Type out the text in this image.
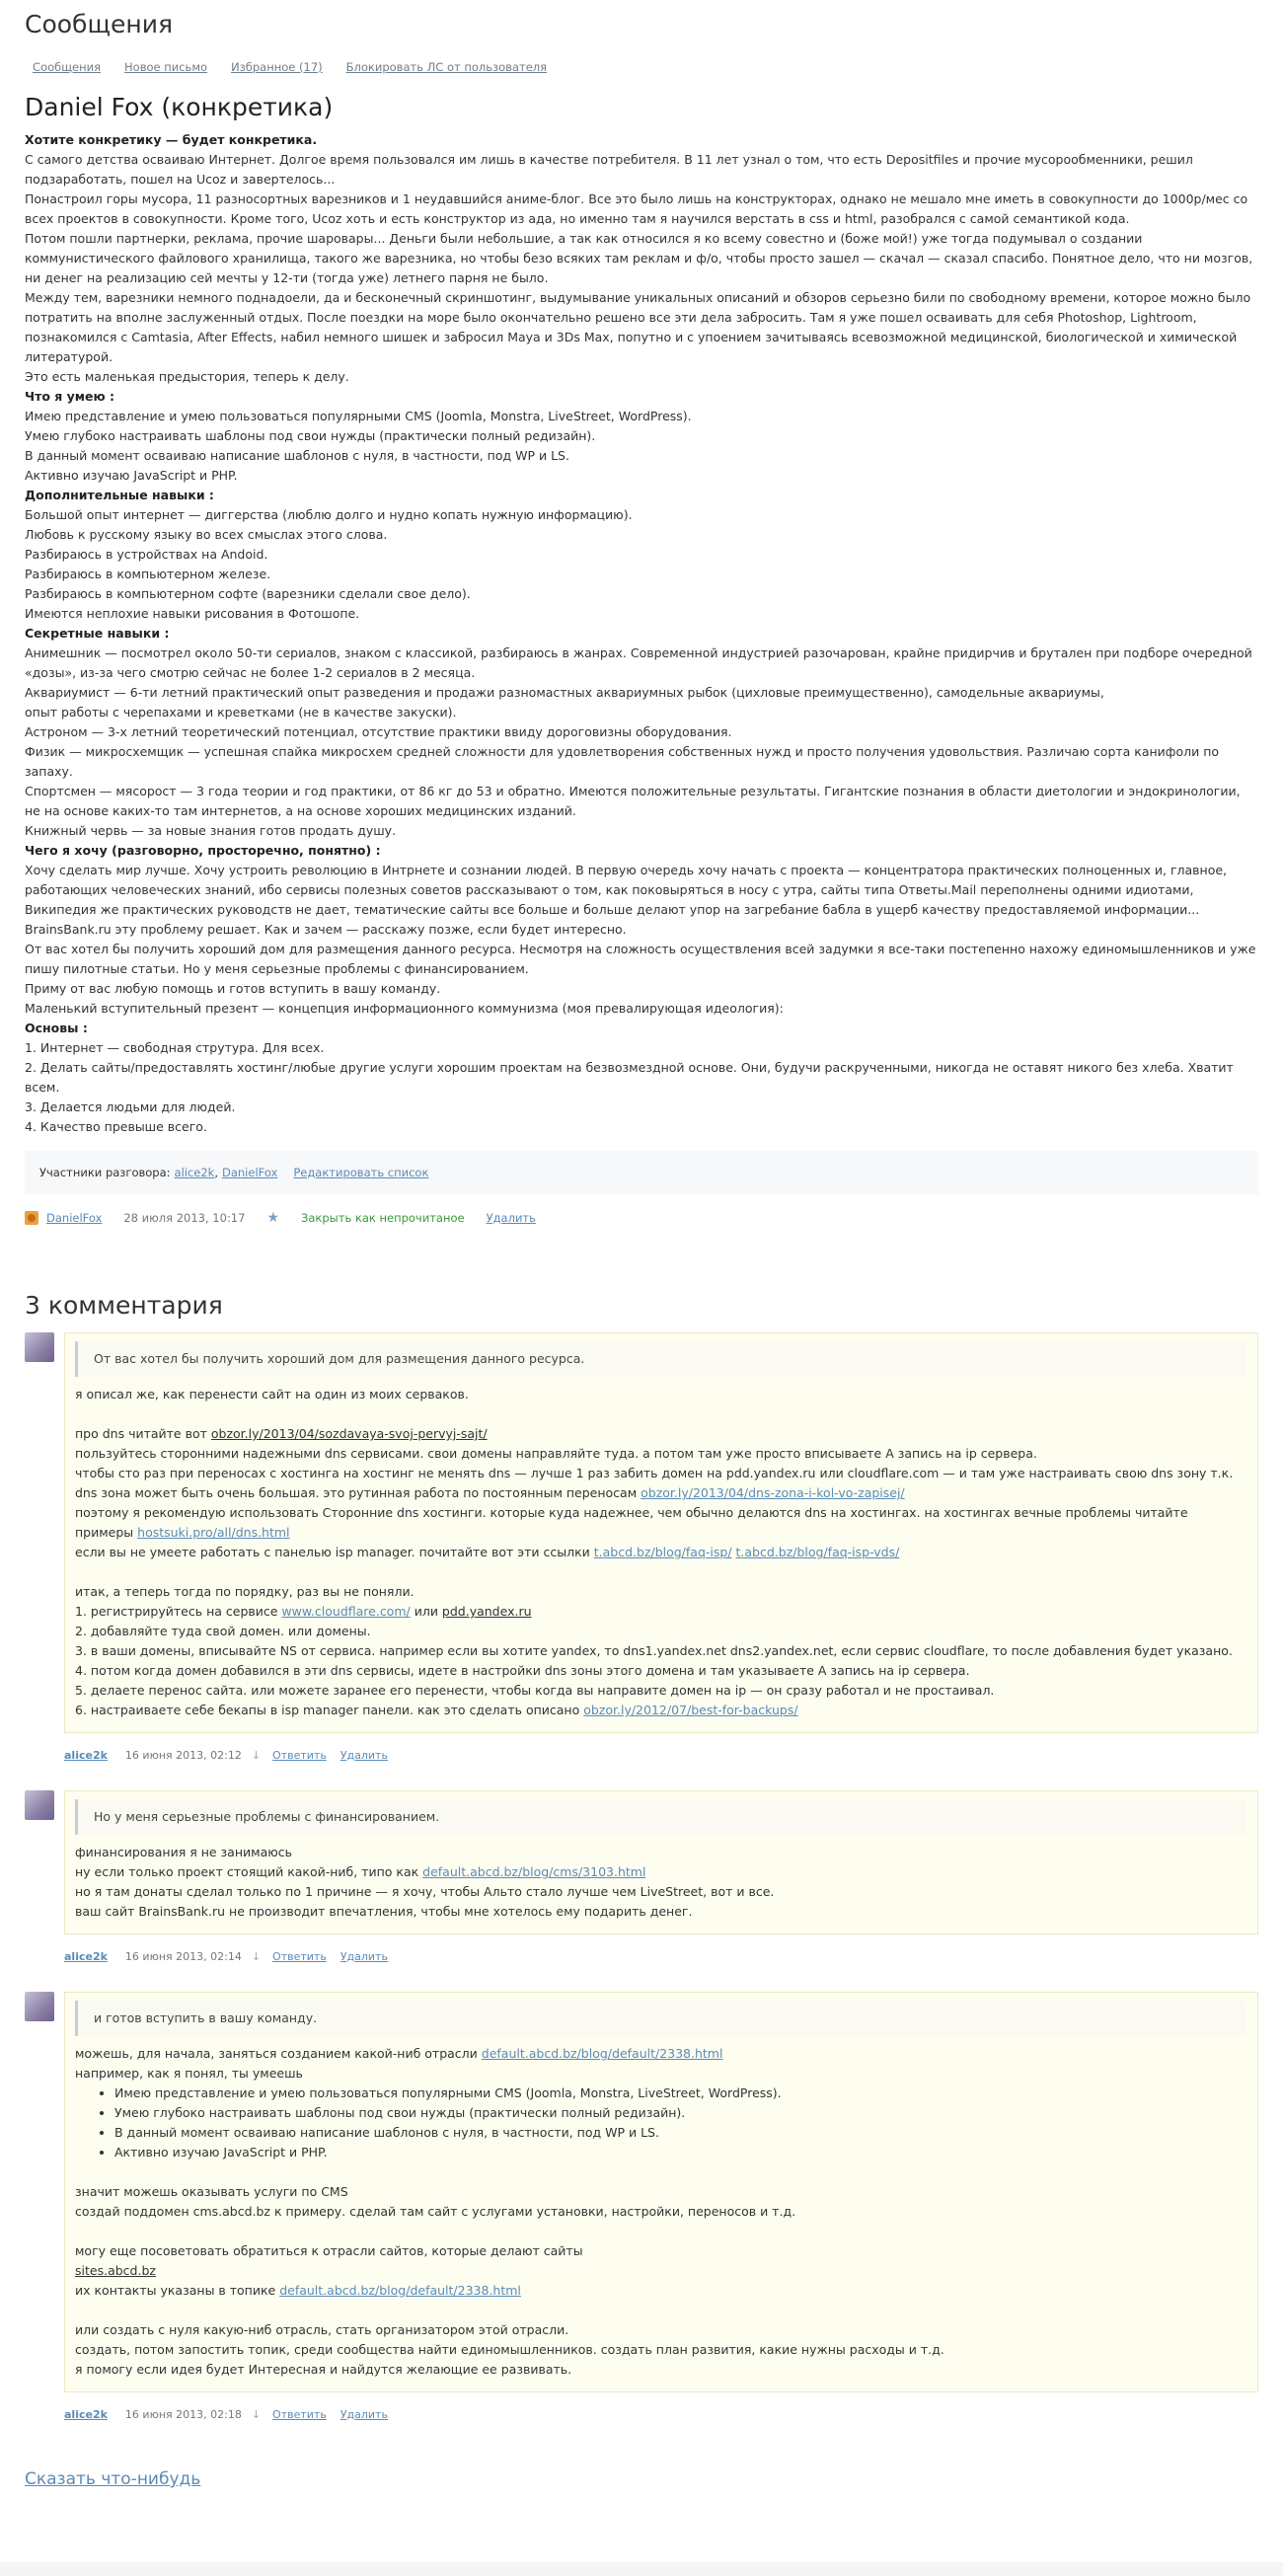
Сообщения
Сообщения Новое письмо Избранное (17) Блокировать ЛС от пользователя
Daniel Fox (конкретика)

Хотите конкретику — будет конкретика.

С самого детства осваиваю Интернет. Долгое время пользовался им лишь в качестве потребителя. В 11 лет узнал о том, что есть Depositfiles и прочие мусорообменники, решил подзаработать, пошел на Ucoz и завертелось...

Понастроил горы мусора, 11 разносортных варезников и 1 неудавшийся аниме-блог. Все это было лишь на конструкторах, однако не мешало мне иметь в совокупности до 1000р/мес со всех проектов в совокупности. Кроме того, Ucoz хоть и есть конструктор из ада, но именно там я научился верстать в css и html, разобрался с самой семантикой кода.

Потом пошли партнерки, реклама, прочие шаровары... Деньги были небольшие, а так как относился я ко всему совестно и (боже мой!) уже тогда подумывал о создании коммунистического файлового хранилища, такого же варезника, но чтобы безо всяких там реклам и ф/о, чтобы просто зашел — скачал — сказал спасибо. Понятное дело, что ни мозгов, ни денег на реализацию сей мечты у 12-ти (тогда уже) летнего парня не было.

Между тем, варезники немного поднадоели, да и бесконечный скриншотинг, выдумывание уникальных описаний и обзоров серьезно били по свободному времени, которое можно было потратить на вполне заслуженный отдых. После поездки на море было окончательно решено все эти дела забросить. Там я уже пошел осваивать для себя Photoshop, Lightroom, познакомился с Camtasia, After Effects, набил немного шишек и забросил Maya и 3Ds Max, попутно и с упоением зачитываясь всевозможной медицинской, биологической и химической литературой.

Это есть маленькая предыстория, теперь к делу.

Что я умею :

Имею представление и умею пользоваться популярными CMS (Joomla, Monstra, LiveStreet, WordPress).

Умею глубоко настраивать шаблоны под свои нужды (практически полный редизайн).

В данный момент осваиваю написание шаблонов с нуля, в частности, под WP и LS.

Активно изучаю JavaScript и PHP.

Дополнительные навыки :

Большой опыт интернет — диггерства (люблю долго и нудно копать нужную информацию).

Любовь к русскому языку во всех смыслах этого слова.

Разбираюсь в устройствах на Andoid.

Разбираюсь в компьютерном железе.

Разбираюсь в компьютерном софте (варезники сделали свое дело).

Имеются неплохие навыки рисования в Фотошопе.

Секретные навыки :

Анимешник — посмотрел около 50-ти сериалов, знаком с классикой, разбираюсь в жанрах. Современной индустрией разочарован, крайне придирчив и брутален при подборе очередной «дозы», из-за чего смотрю сейчас не более 1-2 сериалов в 2 месяца.

Аквариумист — 6-ти летний практический опыт разведения и продажи разномастных аквариумных рыбок (цихловые преимущественно), самодельные аквариумы,

опыт работы с черепахами и креветками (не в качестве закуски).

Астроном — 3-х летний теоретический потенциал, отсутствие практики ввиду дороговизны оборудования.

Физик — микросхемщик — успешная спайка микросхем средней сложности для удовлетворения собственных нужд и просто получения удовольствия. Различаю сорта канифоли по запаху.

Спортсмен — мясорост — 3 года теории и год практики, от 86 кг до 53 и обратно. Имеются положительные результаты. Гигантские познания в области диетологии и эндокринологии, не на основе каких-то там интернетов, а на основе хороших медицинских изданий.

Книжный червь — за новые знания готов продать душу.

Чего я хочу (разговорно, просторечно, понятно) :

Хочу сделать мир лучше. Хочу устроить революцию в Интрнете и сознании людей. В первую очередь хочу начать с проекта — концентратора практических полноценных и, главное, работающих человеческих знаний, ибо сервисы полезных советов рассказывают о том, как поковыряться в носу с утра, сайты типа Ответы.Mail переполнены одними идиотами, Википедия же практических руководств не дает, тематические сайты все больше и больше делают упор на загребание бабла в ущерб качеству предоставляемой информации...

BrainsBank.ru эту проблему решает. Как и зачем — расскажу позже, если будет интересно.

От вас хотел бы получить хороший дом для размещения данного ресурса. Несмотря на сложность осуществления всей задумки я все-таки постепенно нахожу единомышленников и уже пишу пилотные статьи. Но у меня серьезные проблемы с финансированием.

Приму от вас любую помощь и готов вступить в вашу команду.

Маленький вступительный презент — концепция информационного коммунизма (моя превалирующая идеология):

Основы :

1. Интернет — свободная струтура. Для всех.

2. Делать сайты/предоставлять хостинг/любые другие услуги хорошим проектам на безвозмездной основе. Они, будучи раскрученными, никогда не оставят никого без хлеба. Хватит всем.

3. Делается людьми для людей.

4. Качество превыше всего.

Участники разговора: alice2k , DanielFox Редактировать список
DanielFox 28 июля 2013, 10:17 ★ Закрыть как непрочитаное Удалить
3 комментария
От вас хотел бы получить хороший дом для размещения данного ресурса.

я описал же, как перенести сайт на один из моих серваков.

про dns читайте вот obzor.ly/2013/04/sozdavaya-svoj-pervyj-sajt/

пользуйтесь сторонними надежными dns сервисами. свои домены направляйте туда. а потом там уже просто вписываете A запись на ip сервера.

чтобы сто раз при переносах с хостинга на хостинг не менять dns — лучше 1 раз забить домен на pdd.yandex.ru или cloudflare.com — и там уже настраивать свою dns зону т.к. dns зона может быть очень большая. это рутинная работа по постоянным переносам obzor.ly/2013/04/dns-zona-i-kol-vo-zapisej/

поэтому я рекомендую использовать Сторонние dns хостинги. которые куда надежнее, чем обычно делаются dns на хостингах. на хостингах вечные проблемы читайте примеры hostsuki.pro/all/dns.html

если вы не умеете работать с панелью isp manager. почитайте вот эти ссылки t.abcd.bz/blog/faq-isp/ t.abcd.bz/blog/faq-isp-vds/

итак, а теперь тогда по порядку, раз вы не поняли.

1. регистрируйтесь на сервисе www.cloudflare.com/ или pdd.yandex.ru

2. добавляйте туда свой домен. или домены.

3. в ваши домены, вписывайте NS от сервиса. например если вы хотите yandex, то dns1.yandex.net dns2.yandex.net, если сервис cloudflare, то после добавления будет указано.

4. потом когда домен добавился в эти dns сервисы, идете в настройки dns зоны этого домена и там указываете A запись на ip сервера.

5. делаете перенос сайта. или можете заранее его перенести, чтобы когда вы направите домен на ip — он сразу работал и не простаивал.

6. настраиваете себе бекапы в isp manager панели. как это сделать описано obzor.ly/2012/07/best-for-backups/

alice2k 16 июня 2013, 02:12 ↓ Ответить Удалить
Но у меня серьезные проблемы с финансированием.

финансирования я не занимаюсь

ну если только проект стоящий какой-ниб, типо как default.abcd.bz/blog/cms/3103.html

но я там донаты сделал только по 1 причине — я хочу, чтобы Альто стало лучше чем LiveStreet, вот и все.

ваш сайт BrainsBank.ru не производит впечатления, чтобы мне хотелось ему подарить денег.

alice2k 16 июня 2013, 02:14 ↓ Ответить Удалить
и готов вступить в вашу команду.

можешь, для начала, заняться созданием какой-ниб отрасли default.abcd.bz/blog/default/2338.html

например, как я понял, ты умеешь

• Имею представление и умею пользоваться популярными CMS (Joomla, Monstra, LiveStreet, WordPress).
• Умею глубоко настраивать шаблоны под свои нужды (практически полный редизайн).
• В данный момент осваиваю написание шаблонов с нуля, в частности, под WP и LS.
• Активно изучаю JavaScript и PHP.

значит можешь оказывать услуги по CMS

создай поддомен cms.abcd.bz к примеру. сделай там сайт с услугами установки, настройки, переносов и т.д.

могу еще посоветовать обратиться к отрасли сайтов, которые делают сайты

sites.abcd.bz

их контакты указаны в топике default.abcd.bz/blog/default/2338.html

или создать с нуля какую-ниб отрасль, стать организатором этой отрасли.

создать, потом запостить топик, среди сообщества найти единомышленников. создать план развития, какие нужны расходы и т.д.

я помогу если идея будет Интересная и найдутся желающие ее развивать.

alice2k 16 июня 2013, 02:18 ↓ Ответить Удалить
Сказать что-нибудь
